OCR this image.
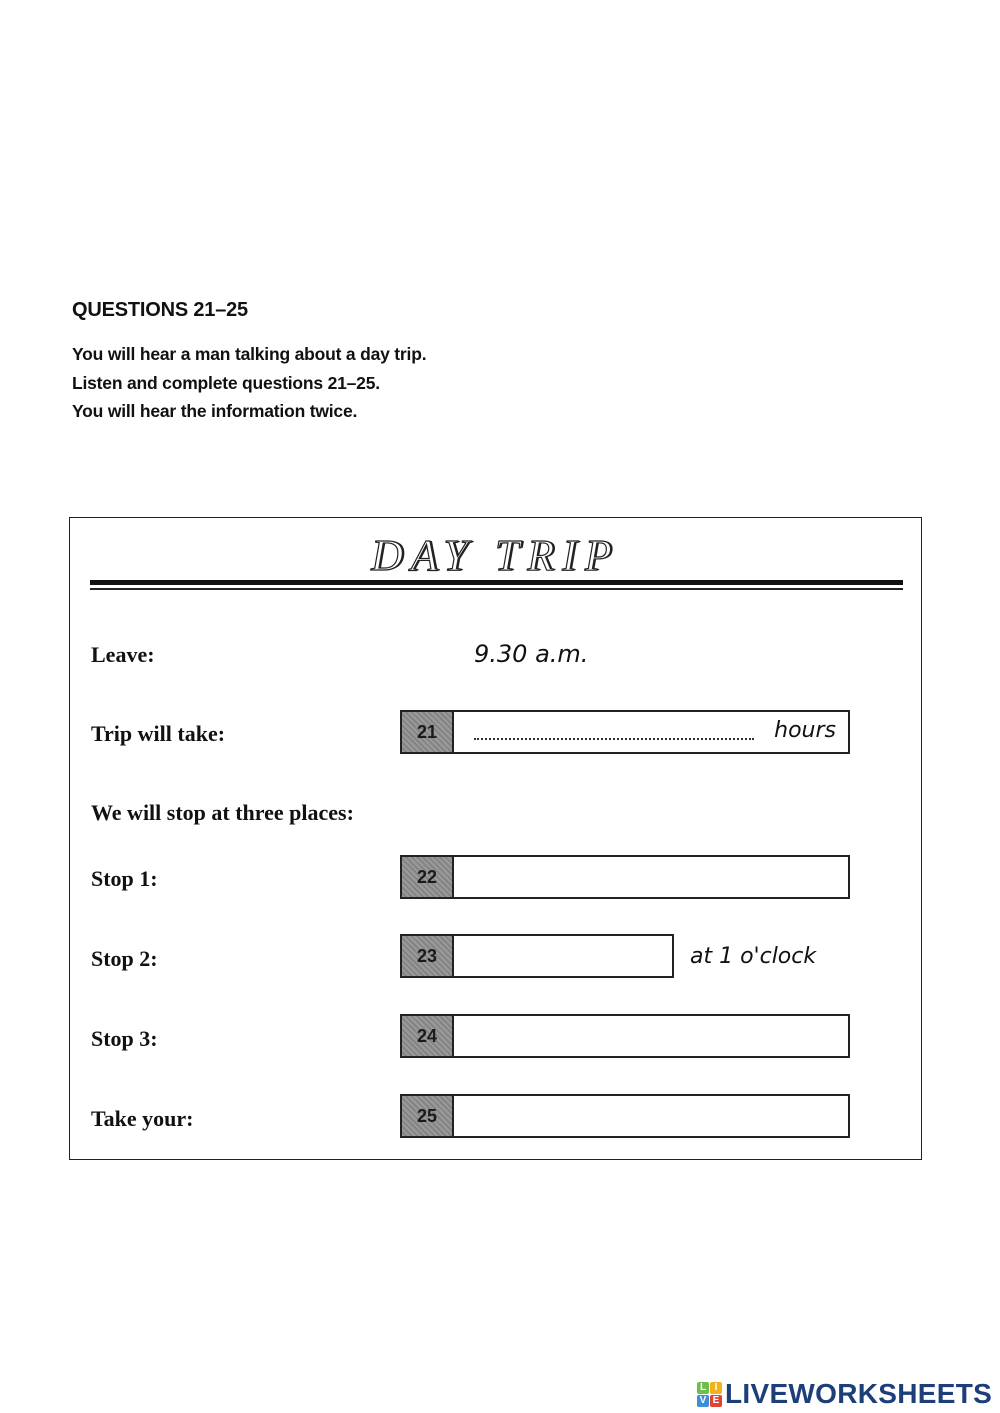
QUESTIONS 21–25
You will hear a man talking about a day trip.
Listen and complete questions 21–25.
You will hear the information twice.
DAY TRIP
Leave:	9.30 a.m.
Trip will take:	21	hours
We will stop at three places:
Stop 1:	22
Stop 2:	23	at 1 o'clock
Stop 3:	24
Take your:	25
L I
V E LIVEWORKSHEETS
